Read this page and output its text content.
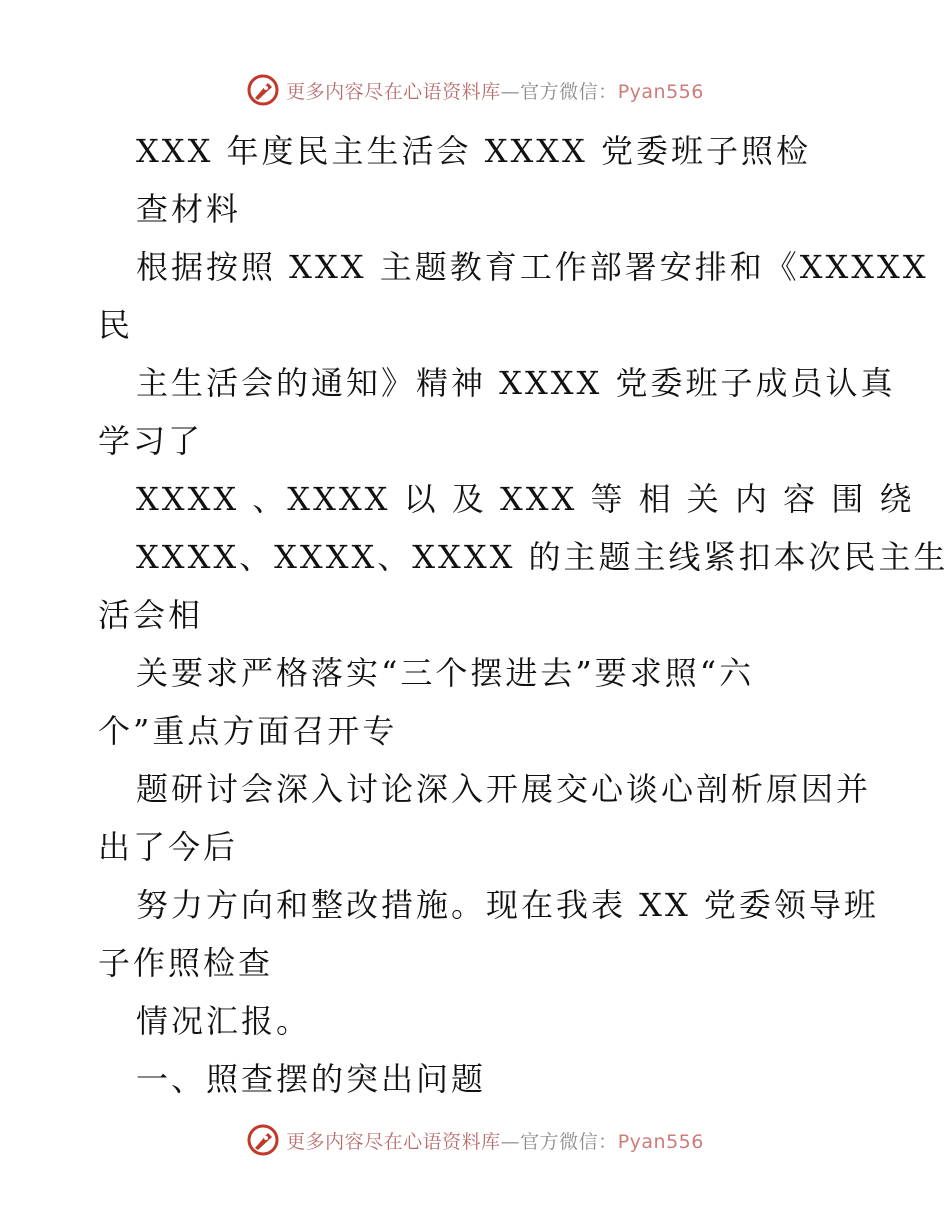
更多内容尽在心语资料库—官方微信：Pyan556
XXX 年度民主生活会 XXXX 党委班子照检
查材料
根据按照 XXX 主题教育工作部署安排和《XXXXX
民
主生活会的通知》精神 XXXX 党委班子成员认真
学习了
XXXX 、XXXX 以 及 XXX 等 相 关 内 容 围 绕
XXXX、XXXX、XXXX 的主题主线紧扣本次民主生
活会相
关要求严格落实“三个摆进去”要求照“六
个”重点方面召开专
题研讨会深入讨论深入开展交心谈心剖析原因并
出了今后
努力方向和整改措施。现在我表 XX 党委领导班
子作照检查
情况汇报。
一、照查摆的突出问题
更多内容尽在心语资料库—官方微信：Pyan556
